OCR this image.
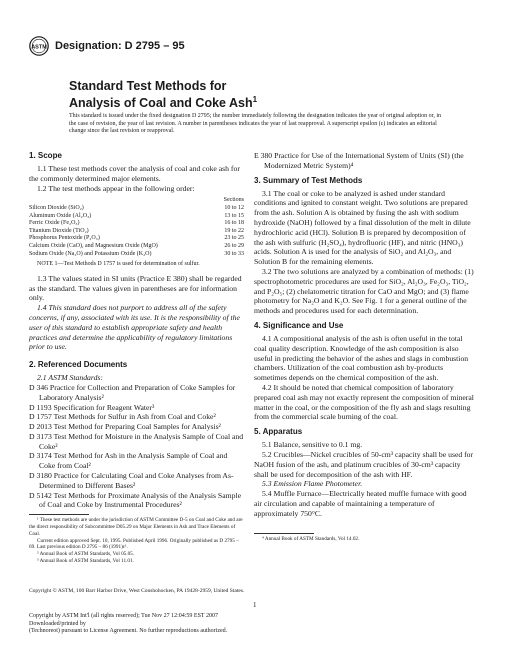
ASTM Designation: D 2795 – 95
Standard Test Methods for
Analysis of Coal and Coke Ash$^1$
This standard is issued under the fixed designation D 2795; the number immediately following the designation indicates the year of original adoption or, in the case of revision, the year of last revision. A number in parentheses indicates the year of last reapproval. A superscript epsilon (ε) indicates an editorial change since the last revision or reapproval.
1. Scope

1.1 These test methods cover the analysis of coal and coke ash for the commonly determined major elements.

1.2 The test methods appear in the following order:

Sections
Silicon Dioxide (SiO₂)	10 to 12
Aluminum Oxide (Al₂O₃)	13 to 15
Ferric Oxide (Fe₂O₃)	16 to 18
Titanium Dioxide (TiO₂)	19 to 22
Phosphorus Pentoxide (P₂O₅)	23 to 25
Calcium Oxide (CaO), and Magnesium Oxide (MgO)	26 to 29
Sodium Oxide (Na₂O) and Potassium Oxide (K₂O)	30 to 33

NOTE 1—Test Methods D 1757 is used for determination of sulfur.

1.3 The values stated in SI units (Practice E 380) shall be regarded as the standard. The values given in parentheses are for information only.

1.4 This standard does not purport to address all of the safety concerns, if any, associated with its use. It is the responsibility of the user of this standard to establish appropriate safety and health practices and determine the applicability of regulatory limitations prior to use.

2. Referenced Documents

2.1 ASTM Standards:

D 346 Practice for Collection and Preparation of Coke Samples for Laboratory Analysis²

D 1193 Specification for Reagent Water³

D 1757 Test Methods for Sulfur in Ash from Coal and Coke²

D 2013 Test Method for Preparing Coal Samples for Analysis²

D 3173 Test Method for Moisture in the Analysis Sample of Coal and Coke²

D 3174 Test Method for Ash in the Analysis Sample of Coal and Coke from Coal²

D 3180 Practice for Calculating Coal and Coke Analyses from As-Determined to Different Bases²

D 5142 Test Methods for Proximate Analysis of the Analysis Sample of Coal and Coke by Instrumental Procedures²

¹ These test methods are under the jurisdiction of ASTM Committee D-5 on Coal and Coke and are the direct responsibility of Subcommittee D05.29 on Major Elements in Ash and Trace Elements of Coal.

Current edition approved Sept. 10, 1995. Published April 1996. Originally published as D 2795 – 69. Last previous edition D 2795 – 86 (1991)ε¹.

² Annual Book of ASTM Standards, Vol 05.05.

³ Annual Book of ASTM Standards, Vol 11.01.

E 380 Practice for Use of the International System of Units (SI) (the Modernized Metric System)⁴

3. Summary of Test Methods

3.1 The coal or coke to be analyzed is ashed under standard conditions and ignited to constant weight. Two solutions are prepared from the ash. Solution A is obtained by fusing the ash with sodium hydroxide (NaOH) followed by a final dissolution of the melt in dilute hydrochloric acid (HCl). Solution B is prepared by decomposition of the ash with sulfuric (H₂SO₄), hydrofluoric (HF), and nitric (HNO₃) acids. Solution A is used for the analysis of SiO₂ and Al₂O₃, and Solution B for the remaining elements.

3.2 The two solutions are analyzed by a combination of methods: (1) spectrophotometric procedures are used for SiO₂, Al₂O₃, Fe₂O₃, TiO₂, and P₂O₅; (2) chelatometric titration for CaO and MgO; and (3) flame photometry for Na₂O and K₂O. See Fig. 1 for a general outline of the methods and procedures used for each determination.

4. Significance and Use

4.1 A compositional analysis of the ash is often useful in the total coal quality description. Knowledge of the ash composition is also useful in predicting the behavior of the ashes and slags in combustion chambers. Utilization of the coal combustion ash by-products sometimes depends on the chemical composition of the ash.

4.2 It should be noted that chemical composition of laboratory prepared coal ash may not exactly represent the composition of mineral matter in the coal, or the composition of the fly ash and slags resulting from the commercial scale burning of the coal.

5. Apparatus

5.1 Balance, sensitive to 0.1 mg.

5.2 Crucibles—Nickel crucibles of 50-cm³ capacity shall be used for NaOH fusion of the ash, and platinum crucibles of 30-cm³ capacity shall be used for decomposition of the ash with HF.

5.3 Emission Flame Photometer.

5.4 Muffle Furnace—Electrically heated muffle furnace with good air circulation and capable of maintaining a temperature of approximately 750°C.

⁴ Annual Book of ASTM Standards, Vol 14.02.

Copyright © ASTM, 100 Barr Harbor Drive, West Conshohocken, PA 19428-2959, United States.
1
Copyright by ASTM Int'l (all rights reserved); Tue Nov 27 12:04:59 EST 2007
Downloaded/printed by
(Technoreot) pursuant to License Agreement. No further reproductions authorized.
